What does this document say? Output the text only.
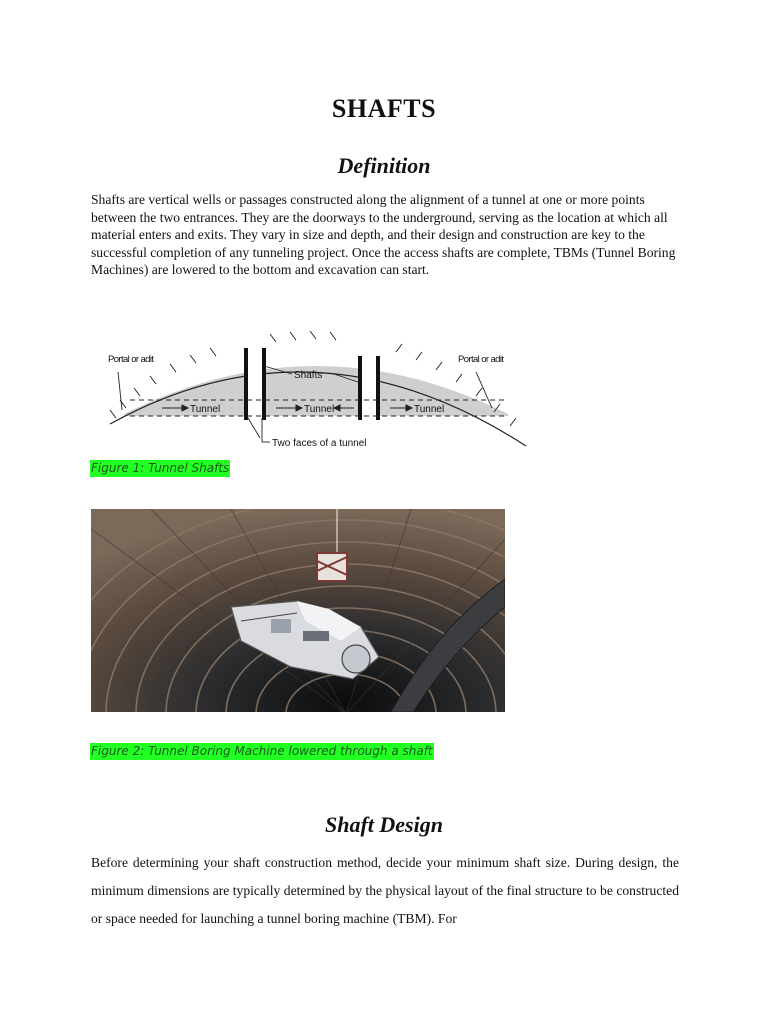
SHAFTS
Definition

Shafts are vertical wells or passages constructed along the alignment of a tunnel at one or more points between the two entrances. They are the doorways to the underground, serving as the location at which all material enters and exits. They vary in size and depth, and their design and construction are key to the successful completion of any tunneling project. Once the access shafts are complete, TBMs (Tunnel Boring Machines) are lowered to the bottom and excavation can start.

Portal or adit	Portal or adit
Shafts
Tunnel	Tunnel	Tunnel
Two faces of a tunnel
Figure 1: Tunnel Shafts
Figure 2: Tunnel Boring Machine lowered through a shaft
Shaft Design

Before determining your shaft construction method, decide your minimum shaft size. During design, the minimum dimensions are typically determined by the physical layout of the final structure to be constructed or space needed for launching a tunnel boring machine (TBM). For
